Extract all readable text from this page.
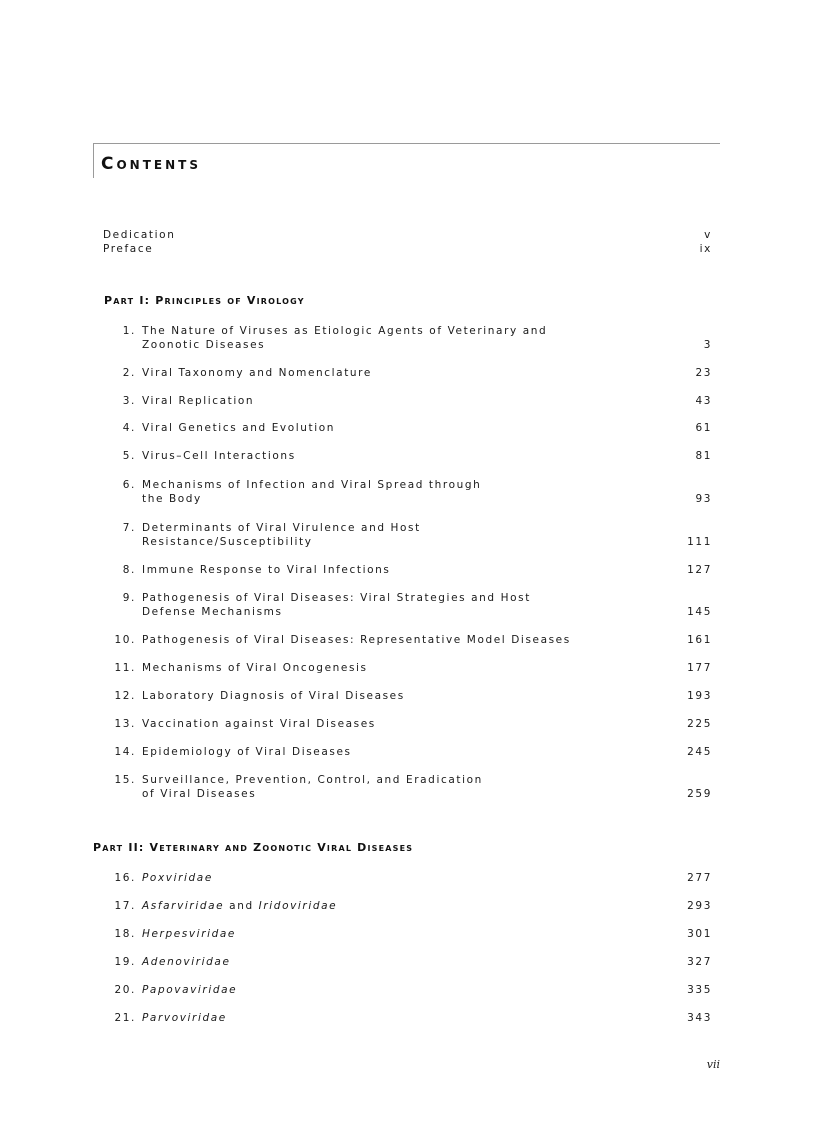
Contents
Dedication	v
Preface	ix
Part I: Principles of Virology
1. The Nature of Viruses as Etiologic Agents of Veterinary and
Zoonotic Diseases	3
2. Viral Taxonomy and Nomenclature	23
3. Viral Replication	43
4. Viral Genetics and Evolution	61
5. Virus–Cell Interactions	81
6. Mechanisms of Infection and Viral Spread through
the Body	93
7. Determinants of Viral Virulence and Host
Resistance/Susceptibility	111
8. Immune Response to Viral Infections	127
9. Pathogenesis of Viral Diseases: Viral Strategies and Host
Defense Mechanisms	145
10. Pathogenesis of Viral Diseases: Representative Model Diseases	161
11. Mechanisms of Viral Oncogenesis	177
12. Laboratory Diagnosis of Viral Diseases	193
13. Vaccination against Viral Diseases	225
14. Epidemiology of Viral Diseases	245
15. Surveillance, Prevention, Control, and Eradication
of Viral Diseases	259
Part II: Veterinary and Zoonotic Viral Diseases
16. Poxviridae	277
17. Asfarviridae and Iridoviridae	293
18. Herpesviridae	301
19. Adenoviridae	327
20. Papovaviridae	335
21. Parvoviridae	343
vii
